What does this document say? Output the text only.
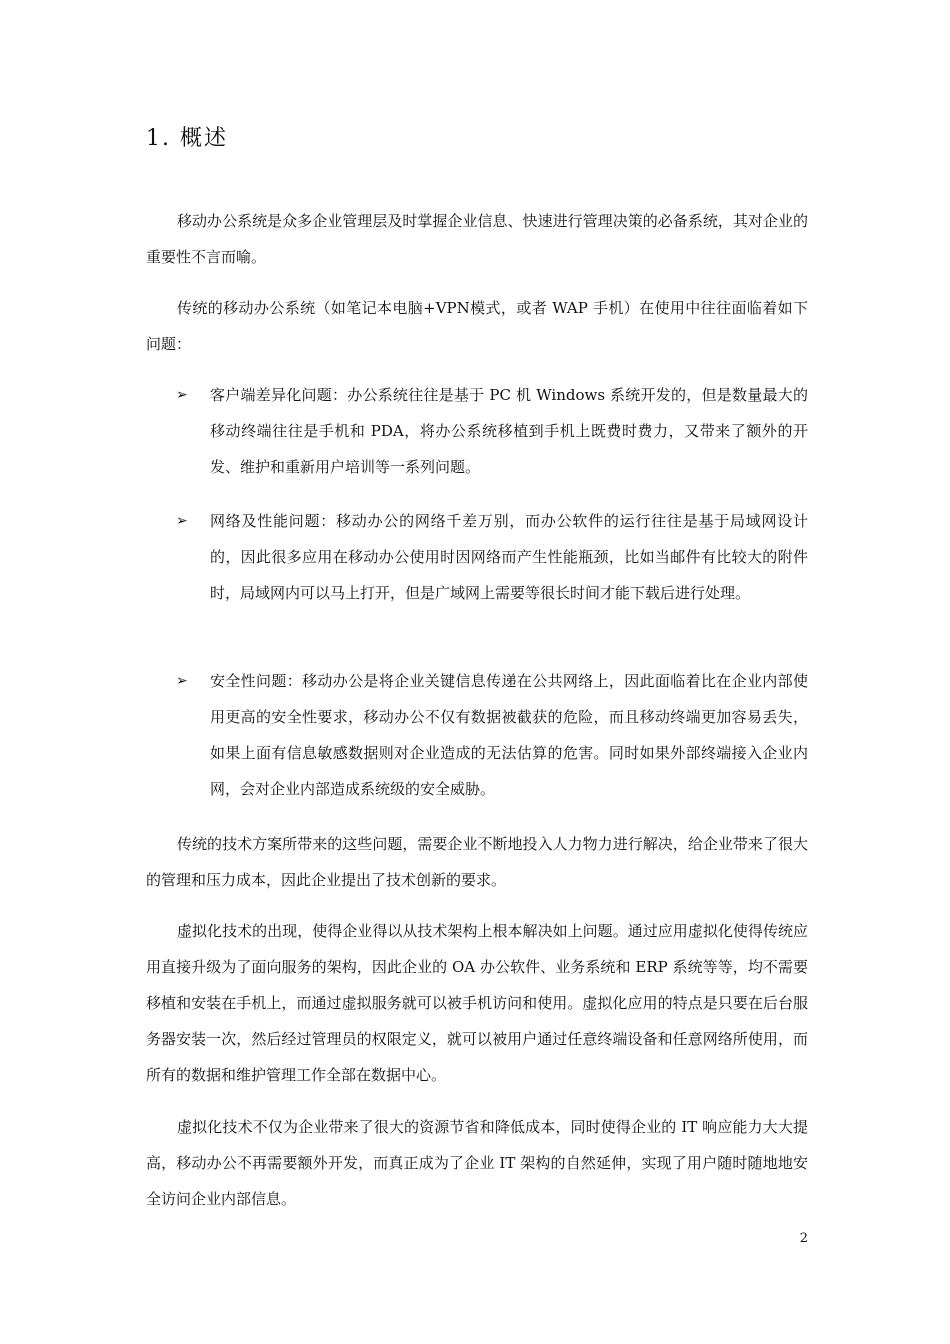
1. 概述

移动办公系统是众多企业管理层及时掌握企业信息、快速进行管理决策的必备系统，其对企业的重要性不言而喻。

传统的移动办公系统（如笔记本电脑+VPN模式，或者 WAP 手机）在使用中往往面临着如下问题：

➢	客户端差异化问题：办公系统往往是基于 PC 机 Windows 系统开发的，但是数量最大的移动终端往往是手机和 PDA，将办公系统移植到手机上既费时费力，又带来了额外的开发、维护和重新用户培训等一系列问题。

➢	网络及性能问题：移动办公的网络千差万别，而办公软件的运行往往是基于局域网设计的，因此很多应用在移动办公使用时因网络而产生性能瓶颈，比如当邮件有比较大的附件时，局域网内可以马上打开，但是广域网上需要等很长时间才能下载后进行处理。

➢	安全性问题：移动办公是将企业关键信息传递在公共网络上，因此面临着比在企业内部使用更高的安全性要求，移动办公不仅有数据被截获的危险，而且移动终端更加容易丢失，如果上面有信息敏感数据则对企业造成的无法估算的危害。同时如果外部终端接入企业内网，会对企业内部造成系统级的安全威胁。

传统的技术方案所带来的这些问题，需要企业不断地投入人力物力进行解决，给企业带来了很大的管理和压力成本，因此企业提出了技术创新的要求。

虚拟化技术的出现，使得企业得以从技术架构上根本解决如上问题。通过应用虚拟化使得传统应用直接升级为了面向服务的架构，因此企业的 OA 办公软件、业务系统和 ERP 系统等等，均不需要移植和安装在手机上，而通过虚拟服务就可以被手机访问和使用。虚拟化应用的特点是只要在后台服务器安装一次，然后经过管理员的权限定义，就可以被用户通过任意终端设备和任意网络所使用，而所有的数据和维护管理工作全部在数据中心。

虚拟化技术不仅为企业带来了很大的资源节省和降低成本，同时使得企业的 IT 响应能力大大提高，移动办公不再需要额外开发，而真正成为了企业 IT 架构的自然延伸，实现了用户随时随地地安全访问企业内部信息。

2
